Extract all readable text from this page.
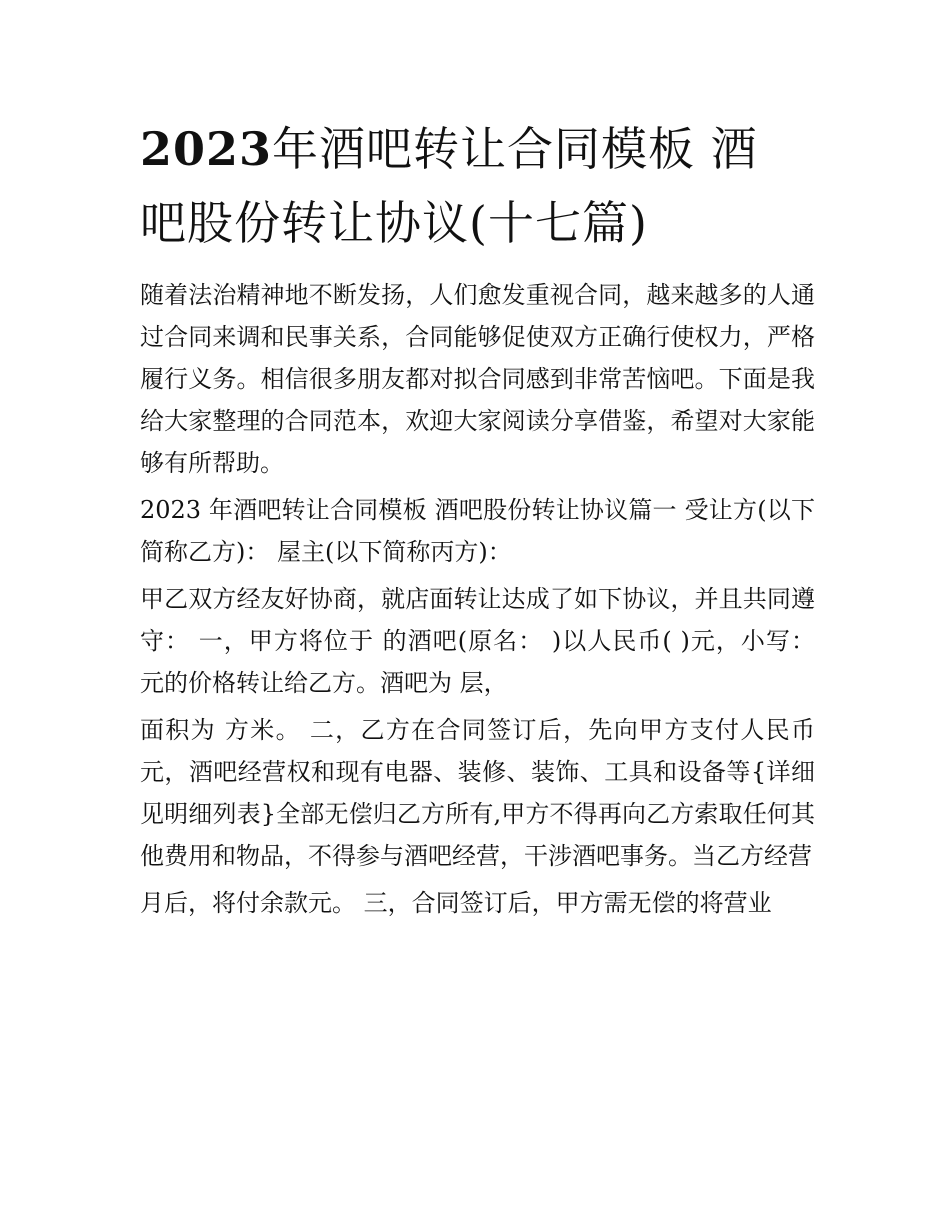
2023年酒吧转让合同模板 酒
吧股份转让协议(十七篇)

随着法治精神地不断发扬，人们愈发重视合同，越来越多的人通过合同来调和民事关系，合同能够促使双方正确行使权力，严格履行义务。相信很多朋友都对拟合同感到非常苦恼吧。下面是我给大家整理的合同范本，欢迎大家阅读分享借鉴，希望对大家能够有所帮助。

2023 年酒吧转让合同模板 酒吧股份转让协议篇一 受让方(以下简称乙方)： 屋主(以下简称丙方)：

甲乙双方经友好协商，就店面转让达成了如下协议，并且共同遵守： 一，甲方将位于 的酒吧(原名： )以人民币( )元，小写： 元的价格转让给乙方。酒吧为 层，

面积为 方米。 二，乙方在合同签订后，先向甲方支付人民币 元，酒吧经营权和现有电器、装修、装饰、工具和设备等{详细见明细列表}全部无偿归乙方所有,甲方不得再向乙方索取任何其他费用和物品，不得参与酒吧经营，干涉酒吧事务。当乙方经营

月后，将付余款元。 三，合同签订后，甲方需无偿的将营业
